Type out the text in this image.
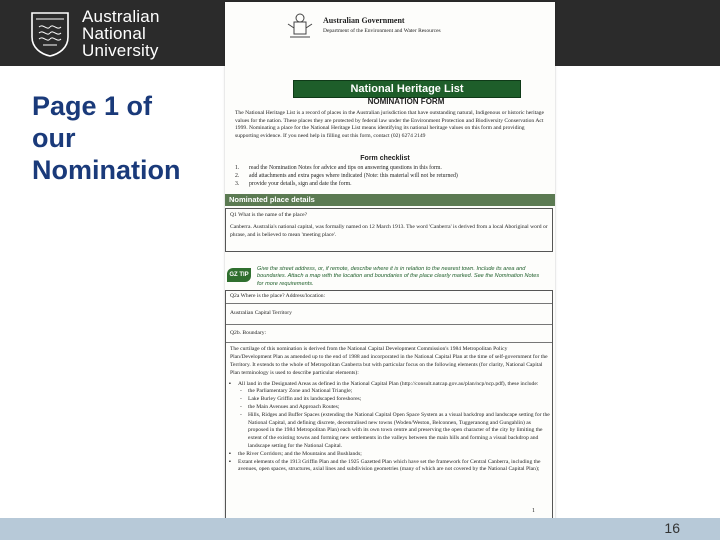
Australian
National
University
Page 1 of
our
Nomination
Australian Government
Department of the Environment and Water Resources
National Heritage List
NOMINATION FORM
The National Heritage List is a record of places in the Australian jurisdiction that have outstanding natural, Indigenous or historic heritage values for the nation. These places they are protected by federal law under the Environment Protection and Biodiversity Conservation Act 1999. Nominating a place for the National Heritage List means identifying its national heritage values on this form and providing supporting evidence. If you need help in filling out this form, contact (02) 6274 2149
Form checklist
1. read the Nomination Notes for advice and tips on answering questions in this form.
2. add attachments and extra pages where indicated (Note: this material will not be returned)
3. provide your details, sign and date the form.
Nominated place details
Q1 What is the name of the place?
Canberra. Australia's national capital, was formally named on 12 March 1913. The word 'Canberra' is derived from a local Aboriginal word or phrase, and is believed to mean 'meeting place'.
GZ TIP
Give the street address, or, if remote, describe where it is in relation to the nearest town. Include its area and boundaries. Attach a map with the location and boundaries of the place clearly marked. See the Nomination Notes for more requirements.
Q2a Where is the place? Address/location:
Australian Capital Territory
Q2b. Boundary:
The curtilage of this nomination is derived from the National Capital Development Commission's 1984 Metropolitan Policy Plan/Development Plan as amended up to the end of 1988 and incorporated in the National Capital Plan at the time of self-government for the Territory. It extends to the whole of Metropolitan Canberra but with particular focus on the following elements (for clarity, National Capital Plan terminology is used to describe particular elements):
▪ All land in the Designated Areas as defined in the National Capital Plan (http://consult.natcap.gov.au/plan/ncp/ncp.pdf), these include:
- the Parliamentary Zone and National Triangle;
- Lake Burley Griffin and its landscaped foreshores;
- the Main Avenues and Approach Routes;
- Hills, Ridges and Buffer Spaces (extending the National Capital Open Space System as a visual backdrop and landscape setting for the National Capital, and defining discrete, decentralised new towns (Woden/Weston, Belconnen, Tuggeranong and Gungahlin) as proposed in the 1984 Metropolitan Plan) each with its own town centre and preserving the open character of the city by limiting the extent of the existing towns and forming new settlements in the valleys between the main hills and forming a visual backdrop and landscape setting for the National Capital.
▪ the River Corridors; and the Mountains and Bushlands;
▪ Extant elements of the 1913 Griffin Plan and the 1925 Gazetted Plan which have set the framework for Central Canberra, including the avenues, open spaces, structures, axial lines and subdivision geometries (many of which are not covered by the National Capital Plan);
1
16
